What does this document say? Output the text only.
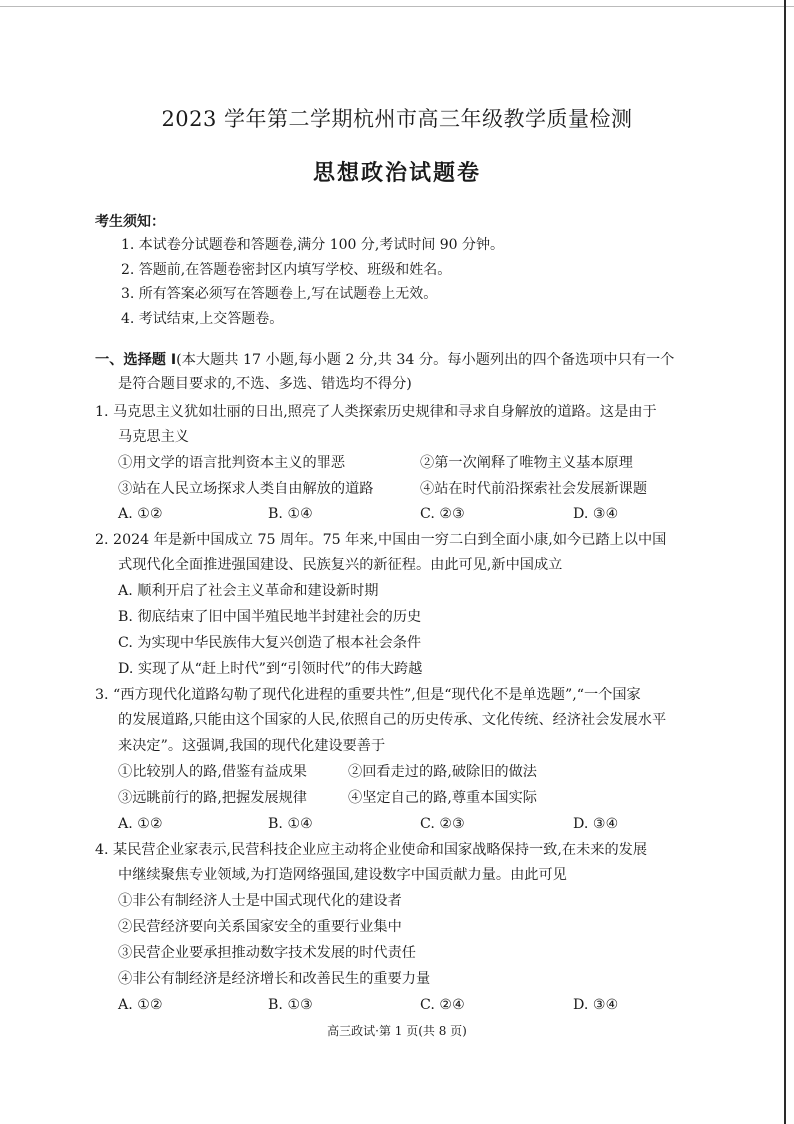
2023 学年第二学期杭州市高三年级教学质量检测
思想政治试题卷
考生须知：
1. 本试卷分试题卷和答题卷,满分 100 分,考试时间 90 分钟。
2. 答题前,在答题卷密封区内填写学校、班级和姓名。
3. 所有答案必须写在答题卷上,写在试题卷上无效。
4. 考试结束,上交答题卷。
一、选择题 Ⅰ(本大题共 17 小题,每小题 2 分,共 34 分。每小题列出的四个备选项中只有一个
是符合题目要求的,不选、多选、错选均不得分)
1. 马克思主义犹如壮丽的日出,照亮了人类探索历史规律和寻求自身解放的道路。这是由于
马克思主义
①用文学的语言批判资本主义的罪恶	②第一次阐释了唯物主义基本原理
③站在人民立场探求人类自由解放的道路	④站在时代前沿探索社会发展新课题
A. ①②	B. ①④	C. ②③	D. ③④
2. 2024 年是新中国成立 75 周年。75 年来,中国由一穷二白到全面小康,如今已踏上以中国
式现代化全面推进强国建设、民族复兴的新征程。由此可见,新中国成立
A. 顺利开启了社会主义革命和建设新时期
B. 彻底结束了旧中国半殖民地半封建社会的历史
C. 为实现中华民族伟大复兴创造了根本社会条件
D. 实现了从“赶上时代”到“引领时代”的伟大跨越
3. “西方现代化道路勾勒了现代化进程的重要共性”,但是“现代化不是单选题”,“一个国家
的发展道路,只能由这个国家的人民,依照自己的历史传承、文化传统、经济社会发展水平
来决定”。这强调,我国的现代化建设要善于
①比较别人的路,借鉴有益成果	②回看走过的路,破除旧的做法
③远眺前行的路,把握发展规律	④坚定自己的路,尊重本国实际
A. ①②	B. ①④	C. ②③	D. ③④
4. 某民营企业家表示,民营科技企业应主动将企业使命和国家战略保持一致,在未来的发展
中继续聚焦专业领域,为打造网络强国,建设数字中国贡献力量。由此可见
①非公有制经济人士是中国式现代化的建设者
②民营经济要向关系国家安全的重要行业集中
③民营企业要承担推动数字技术发展的时代责任
④非公有制经济是经济增长和改善民生的重要力量
A. ①②	B. ①③	C. ②④	D. ③④
高三政试·第 1 页(共 8 页)
